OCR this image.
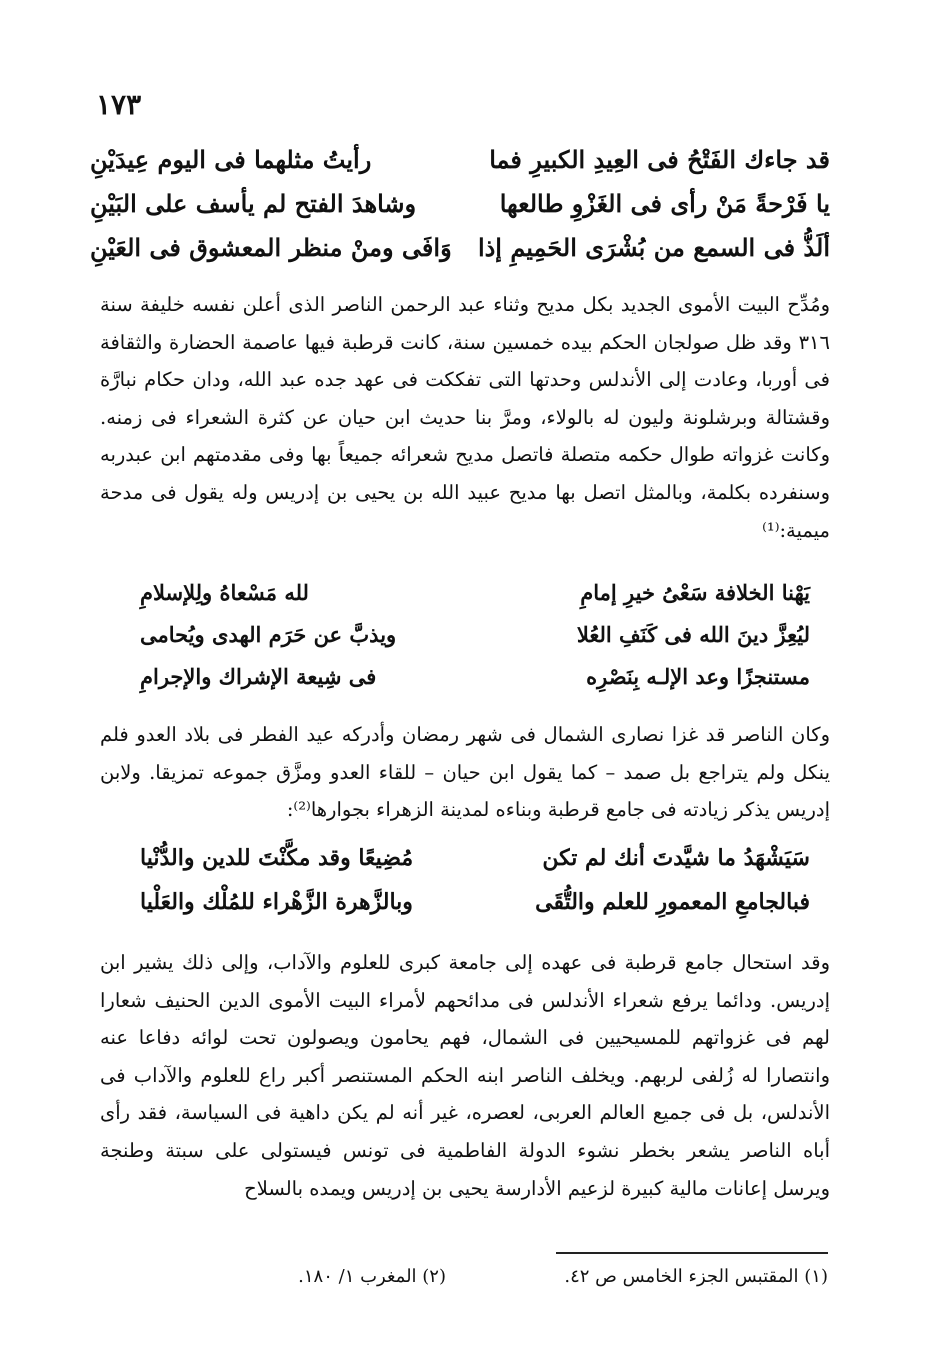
١٧٣
قد جاءك الفَتْحُ فى العِيدِ الكبيرِ فما
رأيتُ مثلهما فى اليوم عِيدَيْنِ
يا فَرْحةً مَنْ رأى فى الغَزْوِ طالعها
وشاهدَ الفتح لم يأسف على البَيْنِ
ألَذُّ فى السمع من بُشْرَى الحَمِيمِ إذا
وَافَى ومنْ منظر المعشوق فى العَيْنِ

ومُدِّح البيت الأموى الجديد بكل مديح وثناء عبد الرحمن الناصر الذى أعلن نفسه خليفة سنة ٣١٦ وقد ظل صولجان الحكم بيده خمسين سنة، كانت قرطبة فيها عاصمة الحضارة والثقافة فى أوربا، وعادت إلى الأندلس وحدتها التى تفككت فى عهد جده عبد الله، ودان حكام نبارَّة وقشتالة وبرشلونة وليون له بالولاء، ومرَّ بنا حديث ابن حيان عن كثرة الشعراء فى زمنه. وكانت غزواته طوال حكمه متصلة فاتصل مديح شعرائه جميعاً بها وفى مقدمتهم ابن عبدربه وسنفرده بكلمة، وبالمثل اتصل بها مديح عبيد الله بن يحيى بن إدريس وله يقول فى مدحة ميمية:⁽¹⁾

يَهْنا الخلافة سَعْىُ خيرِ إمامِ
لله مَسْعاهُ ولِلإسلامِ
ليُعِزَّ دينَ الله فى كَنَفِ العُلا
ويذبَّ عن حَرَم الهدى ويُحامى
مستنجزًا وعد الإلـه بِنَصْرِه
فى شِيعة الإشراك والإجرامِ

وكان الناصر قد غزا نصارى الشمال فى شهر رمضان وأدركه عيد الفطر فى بلاد العدو فلم ينكل ولم يتراجع بل صمد – كما يقول ابن حيان – للقاء العدو ومزَّق جموعه تمزيقا. ولابن إدريس يذكر زيادته فى جامع قرطبة وبناءه لمدينة الزهراء بجوارها⁽²⁾:

سَيَشْهَدُ ما شيَّدتَ أنك لم تكن
مُضِيعًا وقد مكَّنْتَ للدين والدُّنْيا
فبالجامعِ المعمورِ للعلم والتُّقَى
وبالزَّهرة الزَّهْراء للمُلْك والعَلْيا

وقد استحال جامع قرطبة فى عهده إلى جامعة كبرى للعلوم والآداب، وإلى ذلك يشير ابن إدريس. ودائما يرفع شعراء الأندلس فى مدائحهم لأمراء البيت الأموى الدين الحنيف شعارا لهم فى غزواتهم للمسيحيين فى الشمال، فهم يحامون ويصولون تحت لوائه دفاعا عنه وانتصارا له زُلفى لربهم. ويخلف الناصر ابنه الحكم المستنصر أكبر راع للعلوم والآداب فى الأندلس، بل فى جميع العالم العربى، لعصره، غير أنه لم يكن داهية فى السياسة، فقد رأى أباه الناصر يشعر بخطر نشوء الدولة الفاطمية فى تونس فيستولى على سبتة وطنجة ويرسل إعانات مالية كبيرة لزعيم الأدارسة يحيى بن إدريس ويمده بالسلاح

(١) المقتبس الجزء الخامس ص ٤٢.
(٢) المغرب ١/ ١٨٠.
